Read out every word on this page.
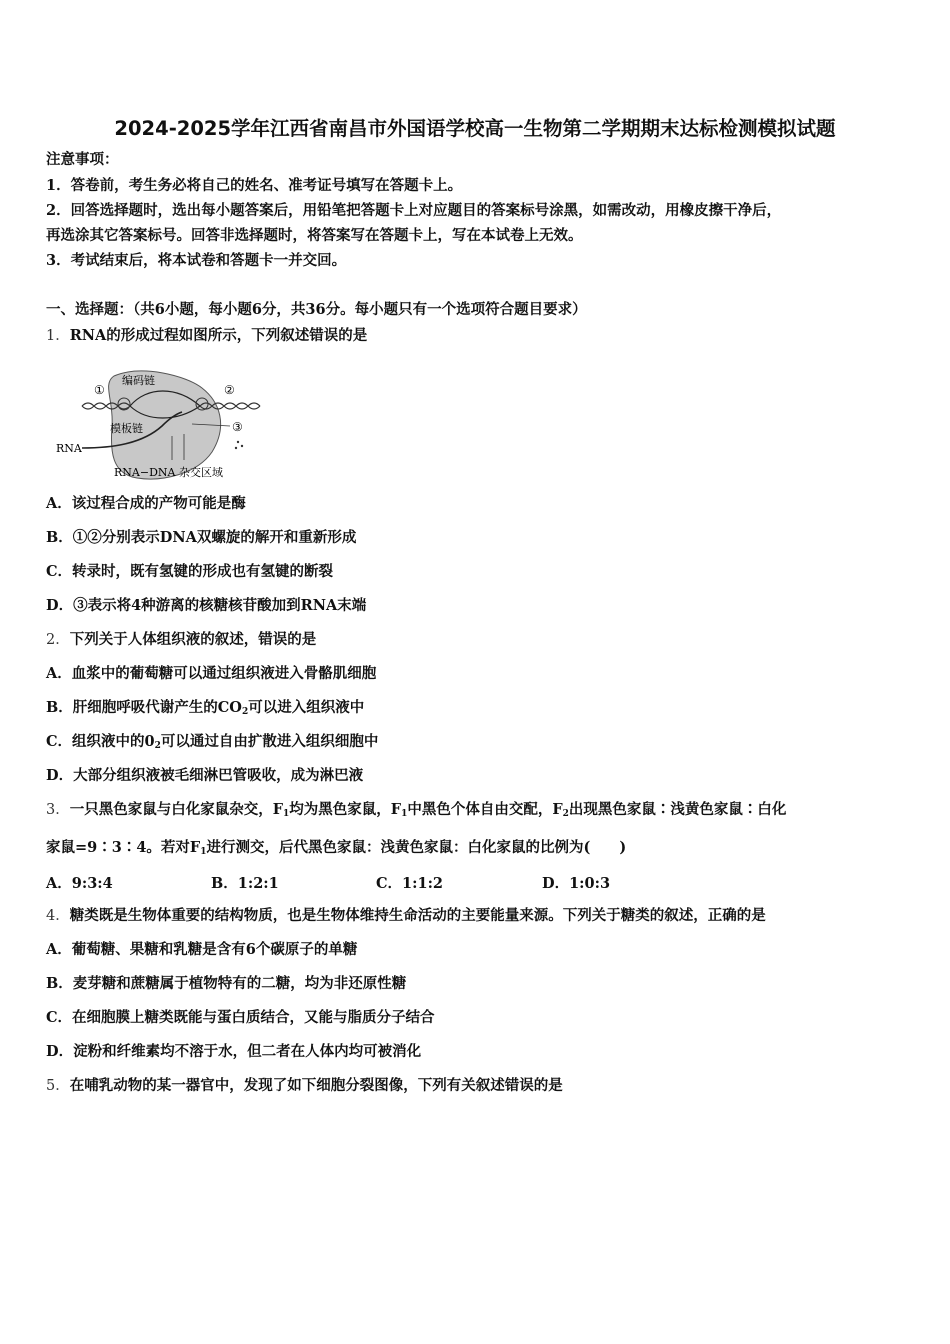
2024-2025学年江西省南昌市外国语学校高一生物第二学期期末达标检测模拟试题
注意事项：
1．答卷前，考生务必将自己的姓名、准考证号填写在答题卡上。
2．回答选择题时，选出每小题答案后，用铅笔把答题卡上对应题目的答案标号涂黑，如需改动，用橡皮擦干净后，
再选涂其它答案标号。回答非选择题时，将答案写在答题卡上，写在本试卷上无效。
3．考试结束后，将本试卷和答题卡一并交回。
一、选择题：（共6小题，每小题6分，共36分。每小题只有一个选项符合题目要求）
1．RNA的形成过程如图所示，下列叙述错误的是
①	②
③
编码链
模板链
RNA
RNA−DNA 杂交区域
A．该过程合成的产物可能是酶
B．①②分别表示DNA双螺旋的解开和重新形成
C．转录时，既有氢键的形成也有氢键的断裂
D．③表示将4种游离的核糖核苷酸加到RNA末端
2．下列关于人体组织液的叙述，错误的是
A．血浆中的葡萄糖可以通过组织液进入骨骼肌细胞
B．肝细胞呼吸代谢产生的$CO_2$可以进入组织液中
C．组织液中的$0_2$可以通过自由扩散进入组织细胞中
D．大部分组织液被毛细淋巴管吸收，成为淋巴液
3．一只黑色家鼠与白化家鼠杂交，$F_1$均为黑色家鼠，$F_1$中黑色个体自由交配，$F_2$出现黑色家鼠∶浅黄色家鼠∶白化
家鼠=9∶3∶4。若对$F_1$进行测交，后代黑色家鼠：浅黄色家鼠：白化家鼠的比例为(　　)
A．9:3:4	B．1:2:1	C．1:1:2	D．1:0:3
4．糖类既是生物体重要的结构物质，也是生物体维持生命活动的主要能量来源。下列关于糖类的叙述，正确的是
A．葡萄糖、果糖和乳糖是含有6个碳原子的单糖
B．麦芽糖和蔗糖属于植物特有的二糖，均为非还原性糖
C．在细胞膜上糖类既能与蛋白质结合，又能与脂质分子结合
D．淀粉和纤维素均不溶于水，但二者在人体内均可被消化
5．在哺乳动物的某一器官中，发现了如下细胞分裂图像，下列有关叙述错误的是
